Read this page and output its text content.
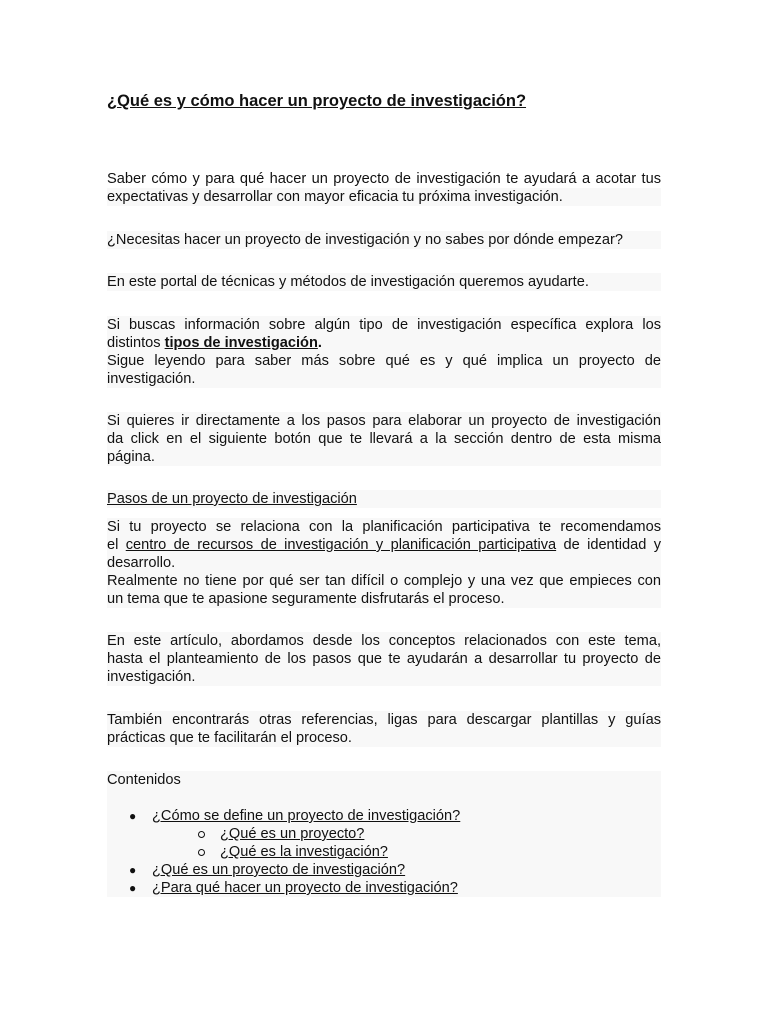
¿Qué es y cómo hacer un proyecto de investigación?
Saber cómo y para qué hacer un proyecto de investigación te ayudará a acotar tus
expectativas y desarrollar con mayor eficacia tu próxima investigación.
¿Necesitas hacer un proyecto de investigación y no sabes por dónde empezar?
En este portal de técnicas y métodos de investigación queremos ayudarte.
Si buscas información sobre algún tipo de investigación específica explora los
distintos tipos de investigación.
Sigue leyendo para saber más sobre qué es y qué implica un proyecto de
investigación.
Si quieres ir directamente a los pasos para elaborar un proyecto de investigación
da click en el siguiente botón que te llevará a la sección dentro de esta misma
página.
Pasos de un proyecto de investigación
Si tu proyecto se relaciona con la planificación participativa te recomendamos
el centro de recursos de investigación y planificación participativa de identidad y
desarrollo.
Realmente no tiene por qué ser tan difícil o complejo y una vez que empieces con
un tema que te apasione seguramente disfrutarás el proceso.
En este artículo, abordamos desde los conceptos relacionados con este tema,
hasta el planteamiento de los pasos que te ayudarán a desarrollar tu proyecto de
investigación.
También encontrarás otras referencias, ligas para descargar plantillas y guías
prácticas que te facilitarán el proceso.
Contenidos
● ¿Cómo se define un proyecto de investigación?
¿Qué es un proyecto?
¿Qué es la investigación?
● ¿Qué es un proyecto de investigación?
● ¿Para qué hacer un proyecto de investigación?
